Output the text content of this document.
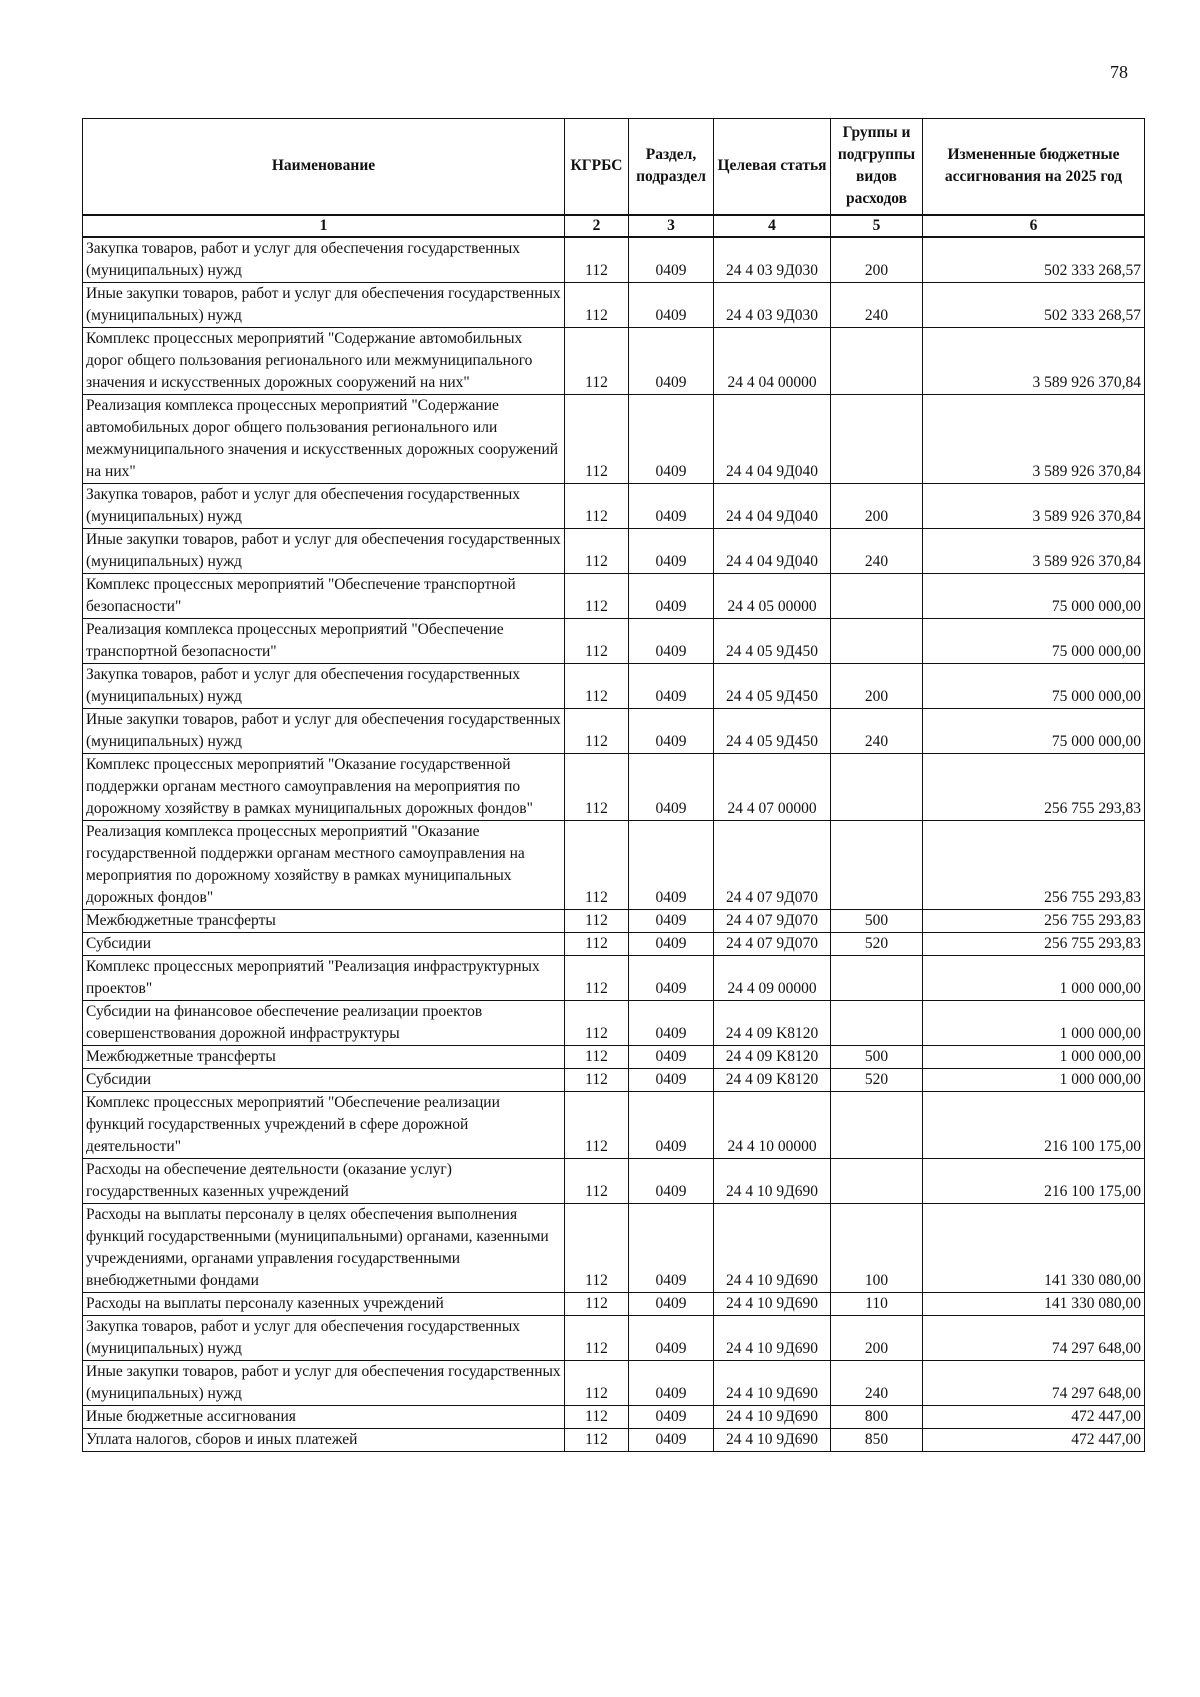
78
Наименование	КГРБС	Раздел, подраздел	Целевая статья	Группы и подгруппы видов расходов	Измененные бюджетные ассигнования на 2025 год
1	2	3	4	5	6
Закупка товаров, работ и услуг для обеспечения государственных (муниципальных) нужд	112	0409	24 4 03 9Д030	200	502 333 268,57
Иные закупки товаров, работ и услуг для обеспечения государственных (муниципальных) нужд	112	0409	24 4 03 9Д030	240	502 333 268,57
Комплекс процессных мероприятий "Содержание автомобильных дорог общего пользования регионального или межмуниципального значения и искусственных дорожных сооружений на них"	112	0409	24 4 04 00000		3 589 926 370,84
Реализация комплекса процессных мероприятий "Содержание автомобильных дорог общего пользования регионального или межмуниципального значения и искусственных дорожных сооружений на них"	112	0409	24 4 04 9Д040		3 589 926 370,84
Закупка товаров, работ и услуг для обеспечения государственных (муниципальных) нужд	112	0409	24 4 04 9Д040	200	3 589 926 370,84
Иные закупки товаров, работ и услуг для обеспечения государственных (муниципальных) нужд	112	0409	24 4 04 9Д040	240	3 589 926 370,84
Комплекс процессных мероприятий "Обеспечение транспортной безопасности"	112	0409	24 4 05 00000		75 000 000,00
Реализация комплекса процессных мероприятий "Обеспечение транспортной безопасности"	112	0409	24 4 05 9Д450		75 000 000,00
Закупка товаров, работ и услуг для обеспечения государственных (муниципальных) нужд	112	0409	24 4 05 9Д450	200	75 000 000,00
Иные закупки товаров, работ и услуг для обеспечения государственных (муниципальных) нужд	112	0409	24 4 05 9Д450	240	75 000 000,00
Комплекс процессных мероприятий "Оказание государственной поддержки органам местного самоуправления на мероприятия по дорожному хозяйству в рамках муниципальных дорожных фондов"	112	0409	24 4 07 00000		256 755 293,83
Реализация комплекса процессных мероприятий "Оказание государственной поддержки органам местного самоуправления на мероприятия по дорожному хозяйству в рамках муниципальных дорожных фондов"	112	0409	24 4 07 9Д070		256 755 293,83
Межбюджетные трансферты	112	0409	24 4 07 9Д070	500	256 755 293,83
Субсидии	112	0409	24 4 07 9Д070	520	256 755 293,83
Комплекс процессных мероприятий "Реализация инфраструктурных проектов"	112	0409	24 4 09 00000		1 000 000,00
Субсидии на финансовое обеспечение реализации проектов совершенствования дорожной инфраструктуры	112	0409	24 4 09 K8120		1 000 000,00
Межбюджетные трансферты	112	0409	24 4 09 K8120	500	1 000 000,00
Субсидии	112	0409	24 4 09 K8120	520	1 000 000,00
Комплекс процессных мероприятий "Обеспечение реализации функций государственных учреждений в сфере дорожной деятельности"	112	0409	24 4 10 00000		216 100 175,00
Расходы на обеспечение деятельности (оказание услуг) государственных казенных учреждений	112	0409	24 4 10 9Д690		216 100 175,00
Расходы на выплаты персоналу в целях обеспечения выполнения функций государственными (муниципальными) органами, казенными учреждениями, органами управления государственными внебюджетными фондами	112	0409	24 4 10 9Д690	100	141 330 080,00
Расходы на выплаты персоналу казенных учреждений	112	0409	24 4 10 9Д690	110	141 330 080,00
Закупка товаров, работ и услуг для обеспечения государственных (муниципальных) нужд	112	0409	24 4 10 9Д690	200	74 297 648,00
Иные закупки товаров, работ и услуг для обеспечения государственных (муниципальных) нужд	112	0409	24 4 10 9Д690	240	74 297 648,00
Иные бюджетные ассигнования	112	0409	24 4 10 9Д690	800	472 447,00
Уплата налогов, сборов и иных платежей	112	0409	24 4 10 9Д690	850	472 447,00
